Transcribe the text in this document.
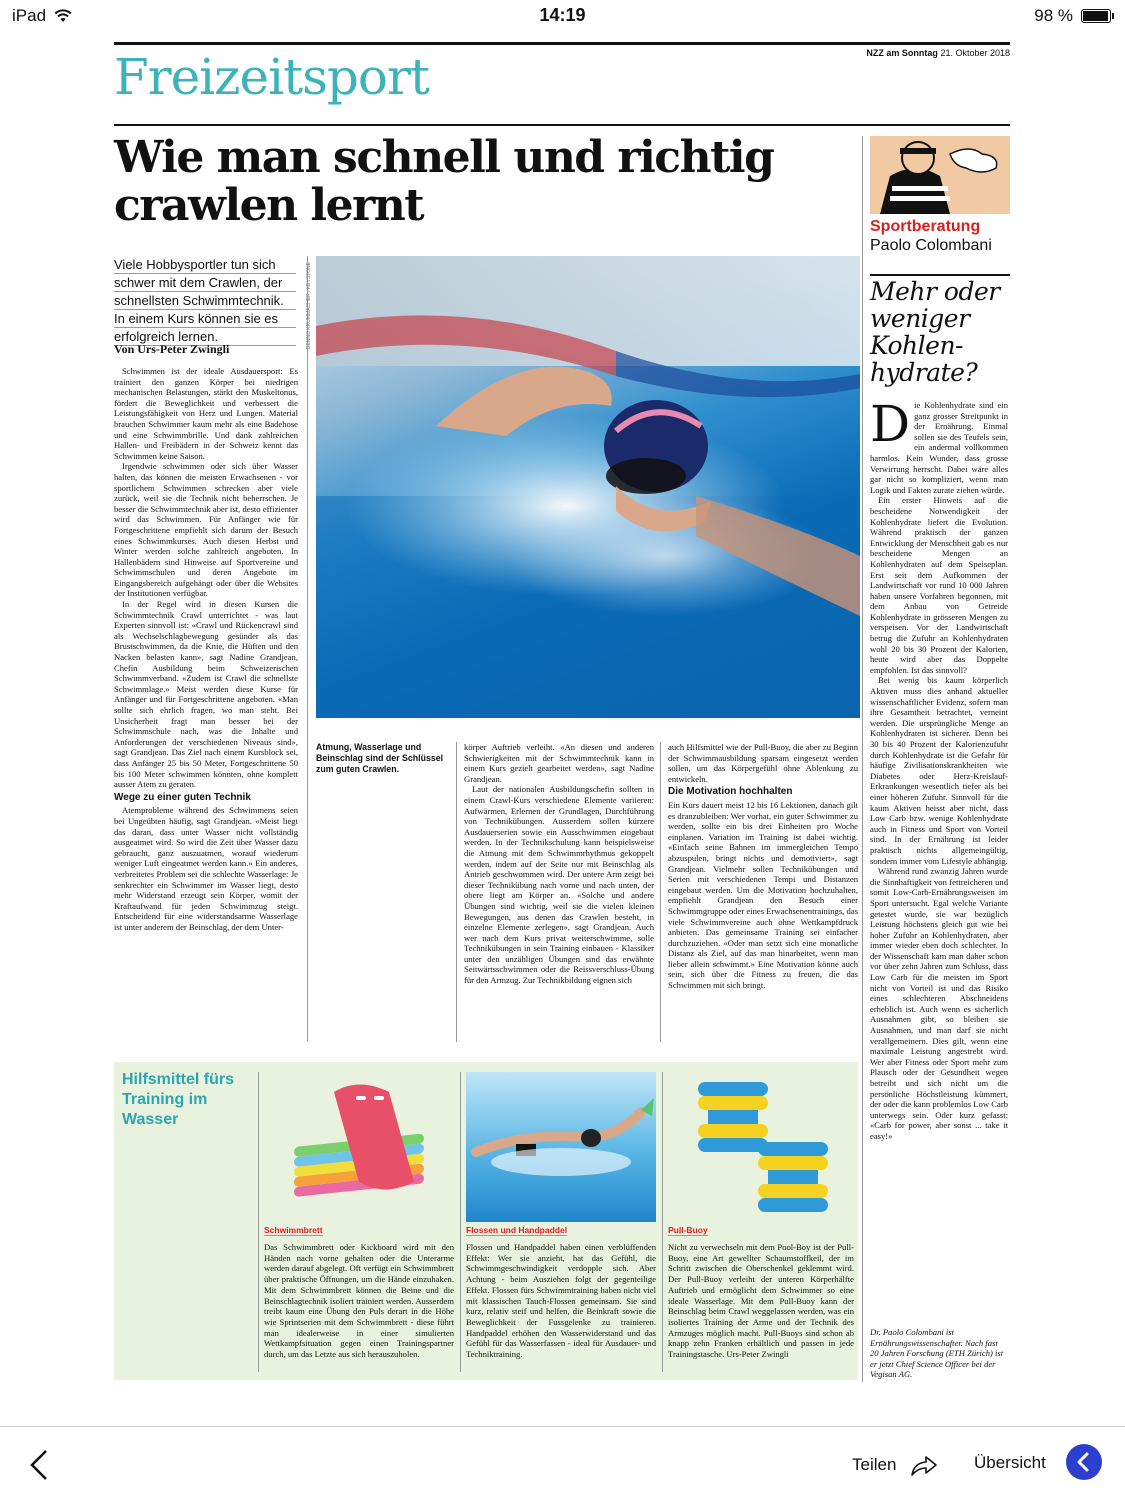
iPad	14:19	98 %
Freizeitsport	NZZ am Sonntag 21. Oktober 2018
Wie man schnell und richtig crawlen lernt
Viele Hobbysportler tun sich
schwer mit dem Crawlen, der
schnellsten Schwimmtechnik.
In einem Kurs können sie es
erfolgreich lernen.
Von Urs-Peter Zwingli

Schwimmen ist der ideale Ausdauersport: Es trainiert den ganzen Körper bei niedrigen mechanischen Belastungen, stärkt den Muskeltonus, fördert die Beweglichkeit und verbessert die Leistungsfähigkeit von Herz und Lungen. Material brauchen Schwimmer kaum mehr als eine Badehose und eine Schwimmbrille. Und dank zahlreichen Hallen- und Freibädern in der Schweiz kennt das Schwimmen keine Saison.

Irgendwie schwimmen oder sich über Wasser halten, das können die meisten Erwachsenen - vor sportlichem Schwimmen schrecken aber viele zurück, weil sie die Technik nicht beherrschen. Je besser die Schwimmtechnik aber ist, desto effizienter wird das Schwimmen. Für Anfänger wie für Fortgeschrittene empfiehlt sich darum der Besuch eines Schwimmkurses. Auch diesen Herbst und Winter werden solche zahlreich angeboten. In Hallenbädern sind Hinweise auf Sportvereine und Schwimmschulen und deren Angebote im Eingangsbereich aufgehängt oder über die Websites der Institutionen verfügbar.

In der Regel wird in diesen Kursen die Schwimmtechnik Crawl unterrichtet - was laut Experten sinnvoll ist: «Crawl und Rückencrawl sind als Wechselschlagbewegung gesünder als das Brustschwimmen, da die Knie, die Hüften und den Nacken belasten kann», sagt Nadine Grandjean, Chefin Ausbildung beim Schweizerischen Schwimmverband. «Zudem ist Crawl die schnellste Schwimmlage.» Meist werden diese Kurse für Anfänger und für Fortgeschrittene angeboten. «Man sollte sich ehrlich fragen, wo man steht. Bei Unsicherheit fragt man besser bei der Schwimmschule nach, was die Inhalte und Anforderungen der verschiedenen Niveaus sind», sagt Grandjean. Das Ziel nach einem Kursblock sei, dass Anfänger 25 bis 50 Meter, Fortgeschrittene 50 bis 100 Meter schwimmen könnten, ohne komplett ausser Atem zu geraten.

Wege zu einer guten Technik

Atemprobleme während des Schwimmens seien bei Ungeübten häufig, sagt Grandjean. «Meist liegt das daran, dass unter Wasser nicht vollständig ausgeatmet wird. So wird die Zeit über Wasser dazu gebraucht, ganz auszuatmen, worauf wiederum weniger Luft eingeatmet werden kann.» Ein anderes, verbreitetes Problem sei die schlechte Wasserlage: Je senkrechter ein Schwimmer im Wasser liegt, desto mehr Widerstand erzeugt sein Körper, womit der Kraftaufwand für jeden Schwimmzug steigt. Entscheidend für eine widerstandsarme Wasserlage ist unter anderem der Beinschlag, der dem Unter-

BENNO KRUMMACHER / KEYSTONE
Atmung, Wasserlage und Beinschlag sind der Schlüssel zum guten Crawlen.

körper Auftrieb verleiht. «An diesen und anderen Schwierigkeiten mit der Schwimmtechnik kann in einem Kurs gezielt gearbeitet werden», sagt Nadine Grandjean.

Laut der nationalen Ausbildungschefin sollten in einem Crawl-Kurs verschiedene Elemente variieren: Aufwärmen, Erlernen der Grundlagen, Durchführung von Technikübungen. Ausserdem sollen kürzere Ausdauerserien sowie ein Ausschwimmen eingebaut werden. In der Technikschulung kann beispielsweise die Atmung mit dem Schwimmrhythmus gekoppelt werden, indem auf der Seite nur mit Beinschlag als Antrieb geschwommen wird. Der untere Arm zeigt bei dieser Technikübung nach vorne und nach unten, der obere liegt am Körper an. «Solche und andere Übungen sind wichtig, weil sie die vielen kleinen Bewegungen, aus denen das Crawlen besteht, in einzelne Elemente zerlegen», sagt Grandjean. Auch wer nach dem Kurs privat weiterschwimme, solle Technikübungen in sein Training einbauen - Klassiker unter den unzähligen Übungen sind das erwähnte Seitwärtsschwimmen oder die Reissverschluss-Übung für den Armzug. Zur Technikbildung eignen sich

auch Hilfsmittel wie der Pull-Buoy, die aber zu Beginn der Schwimmausbildung sparsam eingesetzt werden sollen, um das Körpergefühl ohne Ablenkung zu entwickeln.

Die Motivation hochhalten

Ein Kurs dauert meist 12 bis 16 Lektionen, danach gilt es dranzubleiben: Wer vorhat, ein guter Schwimmer zu werden, sollte ein bis drei Einheiten pro Woche einplanen. Variation im Training ist dabei wichtig. «Einfach seine Bahnen im immergleichen Tempo abzuspulen, bringt nichts und demotiviert», sagt Grandjean. Vielmehr sollen Technikübungen und Serien mit verschiedenen Tempi und Distanzen eingebaut werden. Um die Motivation hochzuhalten, empfiehlt Grandjean den Besuch einer Schwimmgruppe oder eines Erwachsenentrainings, das viele Schwimmvereine auch ohne Wettkampfdruck anbieten. Das gemeinsame Training sei einfacher durchzuziehen. «Oder man setzt sich eine monatliche Distanz als Ziel, auf das man hinarbeitet, wenn man lieber allein schwimmt.» Eine Motivation könne auch sein, sich über die Fitness zu freuen, die das Schwimmen mit sich bringt.

Sportberatung
Paolo Colombani
Mehr oder weniger Kohlen-hydrate?

Die Kohlenhydrate sind ein ganz grosser Streitpunkt in der Ernährung. Einmal sollen sie des Teufels sein, ein andermal vollkommen harmlos. Kein Wunder, dass grosse Verwirrung herrscht. Dabei wäre alles gar nicht so kompliziert, wenn man Logik und Fakten zurate ziehen würde.

Ein erster Hinweis auf die bescheidene Notwendigkeit der Kohlenhydrate liefert die Evolution. Während praktisch der ganzen Entwicklung der Menschheit gab es nur bescheidene Mengen an Kohlenhydraten auf dem Speiseplan. Erst seit dem Aufkommen der Landwirtschaft vor rund 10 000 Jahren haben unsere Vorfahren begonnen, mit dem Anbau von Getreide Kohlenhydrate in grösseren Mengen zu verspeisen. Vor der Landwirtschaft betrug die Zufuhr an Kohlenhydraten wohl 20 bis 30 Prozent der Kalorien, heute wird aber das Doppelte empfohlen. Ist das sinnvoll?

Bei wenig bis kaum körperlich Aktiven muss dies anhand aktueller wissenschaftlicher Evidenz, sofern man ihre Gesamtheit betrachtet, verneint werden. Die ursprüngliche Menge an Kohlenhydraten ist sicherer. Denn bei 30 bis 40 Prozent der Kalorienzufuhr durch Kohlenhydrate ist die Gefahr für häufige Zivilisationskrankheiten wie Diabetes oder Herz-Kreislauf-Erkrankungen wesentlich tiefer als bei einer höheren Zufuhr. Sinnvoll für die kaum Aktiven heisst aber nicht, dass Low Carb bzw. wenige Kohlenhydrate auch in Fitness und Sport von Vorteil sind. In der Ernährung ist leider praktisch nichts allgemeingültig, sondern immer vom Lifestyle abhängig.

Während rund zwanzig Jahren wurde die Sinnhaftigkeit von fettreicheren und somit Low-Carb-Ernährungsweisen im Sport untersucht. Egal welche Variante getestet wurde, sie war bezüglich Leistung höchstens gleich gut wie bei hoher Zufuhr an Kohlenhydraten, aber immer wieder eben doch schlechter. In der Wissenschaft kam man daher schon vor über zehn Jahren zum Schluss, dass Low Carb für die meisten im Sport nicht von Vorteil ist und das Risiko eines schlechteren Abschneidens erheblich ist. Auch wenn es sicherlich Ausnahmen gibt, so bleiben sie Ausnahmen, und man darf sie nicht verallgemeinern. Dies gilt, wenn eine maximale Leistung angestrebt wird. Wer aber Fitness oder Sport mehr zum Plausch oder der Gesundheit wegen betreibt und sich nicht um die persönliche Höchstleistung kümmert, der oder die kann problemlos Low Carb unterwegs sein. Oder kurz gefasst: «Carb for power, aber sonst ... take it easy!»

Dr. Paolo Colombani ist Ernährungswissenschafter. Nach fast 20 Jahren Forschung (ETH Zürich) ist er jetzt Chief Science Officer bei der Vegisan AG.
Hilfsmittel fürs Training im Wasser
Schwimmbrett	Flossen und Handpaddel	Pull-Buoy
Das Schwimmbrett oder Kickboard wird mit den Händen nach vorne gehalten oder die Unterarme werden darauf abgelegt. Oft verfügt ein Schwimmbrett über praktische Öffnungen, um die Hände einzuhaken. Mit dem Schwimmbrett können die Beine und die Beinschlagtechnik isoliert trainiert werden. Ausserdem treibt kaum eine Übung den Puls derart in die Höhe wie Sprintserien mit dem Schwimmbrett - diese führt man idealerweise in einer simulierten Wettkampfsituation gegen einen Trainingspartner durch, um das Letzte aus sich herauszuholen.
Flossen und Handpaddel haben einen verblüffenden Effekt: Wer sie anzieht, hat das Gefühl, die Schwimmgeschwindigkeit verdopple sich. Aber Achtung - beim Ausziehen folgt der gegenteilige Effekt. Flossen fürs Schwimmtraining haben nicht viel mit klassischen Tauch-Flossen gemeinsam. Sie sind kurz, relativ steif und helfen, die Beinkraft sowie die Beweglichkeit der Fussgelenke zu trainieren. Handpaddel erhöhen den Wasserwiderstand und das Gefühl für das Wasserfassen - ideal für Ausdauer- und Techniktraining.
Nicht zu verwechseln mit dem Pool-Boy ist der Pull-Buoy, eine Art gewellter Schaumstoffkeil, der im Schritt zwischen die Oberschenkel geklemmt wird. Der Pull-Buoy verleiht der unteren Körperhälfte Auftrieb und ermöglicht dem Schwimmer so eine ideale Wasserlage. Mit dem Pull-Buoy kann der Beinschlag beim Crawl weggelassen werden, was ein isoliertes Training der Arme und der Technik des Armzuges möglich macht. Pull-Buoys sind schon ab knapp zehn Franken erhältlich und passen in jede Trainingstasche. Urs-Peter Zwingli
Teilen	Übersicht
